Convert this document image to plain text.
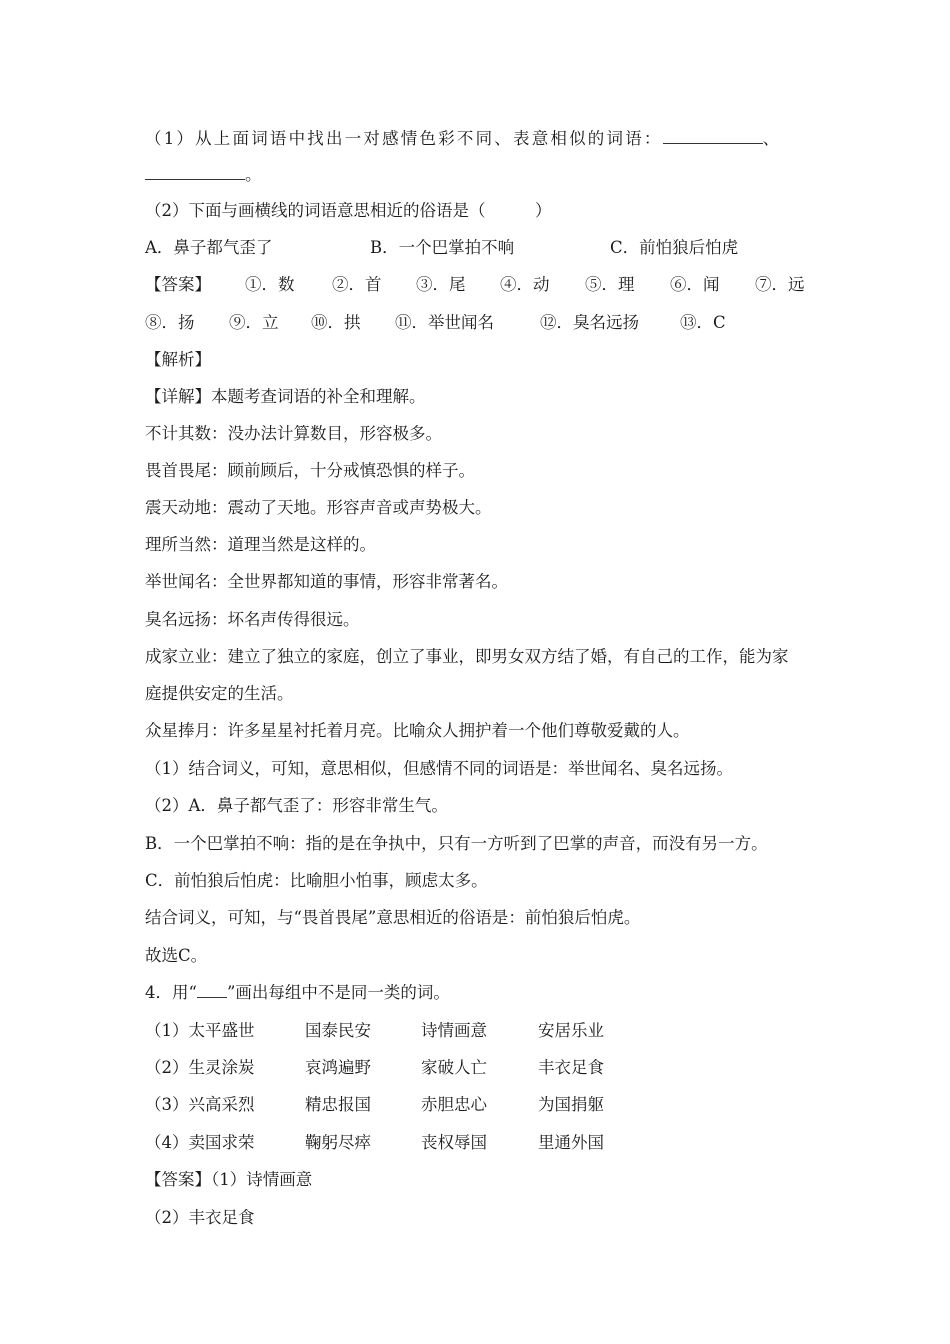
（1）从上面词语中找出一对感情色彩不同、表意相似的词语：	、
。
（2）下面与画横线的词语意思相近的俗语是（　　　）
A．鼻子都气歪了	B．一个巴掌拍不响	C．前怕狼后怕虎
【答案】 ①．数 ②．首 ③．尾 ④．动 ⑤．理 ⑥．闻 ⑦．远
⑧．扬 ⑨．立 ⑩．拱 ⑪．举世闻名	⑫．臭名远扬 ⑬．C
【解析】
【详解】本题考查词语的补全和理解。
不计其数：没办法计算数目，形容极多。
畏首畏尾：顾前顾后，十分戒慎恐惧的样子。
震天动地：震动了天地。形容声音或声势极大。
理所当然：道理当然是这样的。
举世闻名：全世界都知道的事情，形容非常著名。
臭名远扬：坏名声传得很远。
成家立业：建立了独立的家庭，创立了事业，即男女双方结了婚，有自己的工作，能为家
庭提供安定的生活。
众星捧月：许多星星衬托着月亮。比喻众人拥护着一个他们尊敬爱戴的人。
（1）结合词义，可知，意思相似，但感情不同的词语是：举世闻名、臭名远扬。
（2）A．鼻子都气歪了：形容非常生气。
B．一个巴掌拍不响：指的是在争执中，只有一方听到了巴掌的声音，而没有另一方。
C．前怕狼后怕虎：比喻胆小怕事，顾虑太多。
结合词义，可知，与“畏首畏尾”意思相近的俗语是：前怕狼后怕虎。
故选C。
4．用“ ”画出每组中不是同一类的词。
（1）太平盛世	国泰民安	诗情画意	安居乐业
（2）生灵涂炭	哀鸿遍野	家破人亡	丰衣足食
（3）兴高采烈	精忠报国	赤胆忠心	为国捐躯
（4）卖国求荣	鞠躬尽瘁	丧权辱国	里通外国
【答案】（1）诗情画意
（2）丰衣足食
